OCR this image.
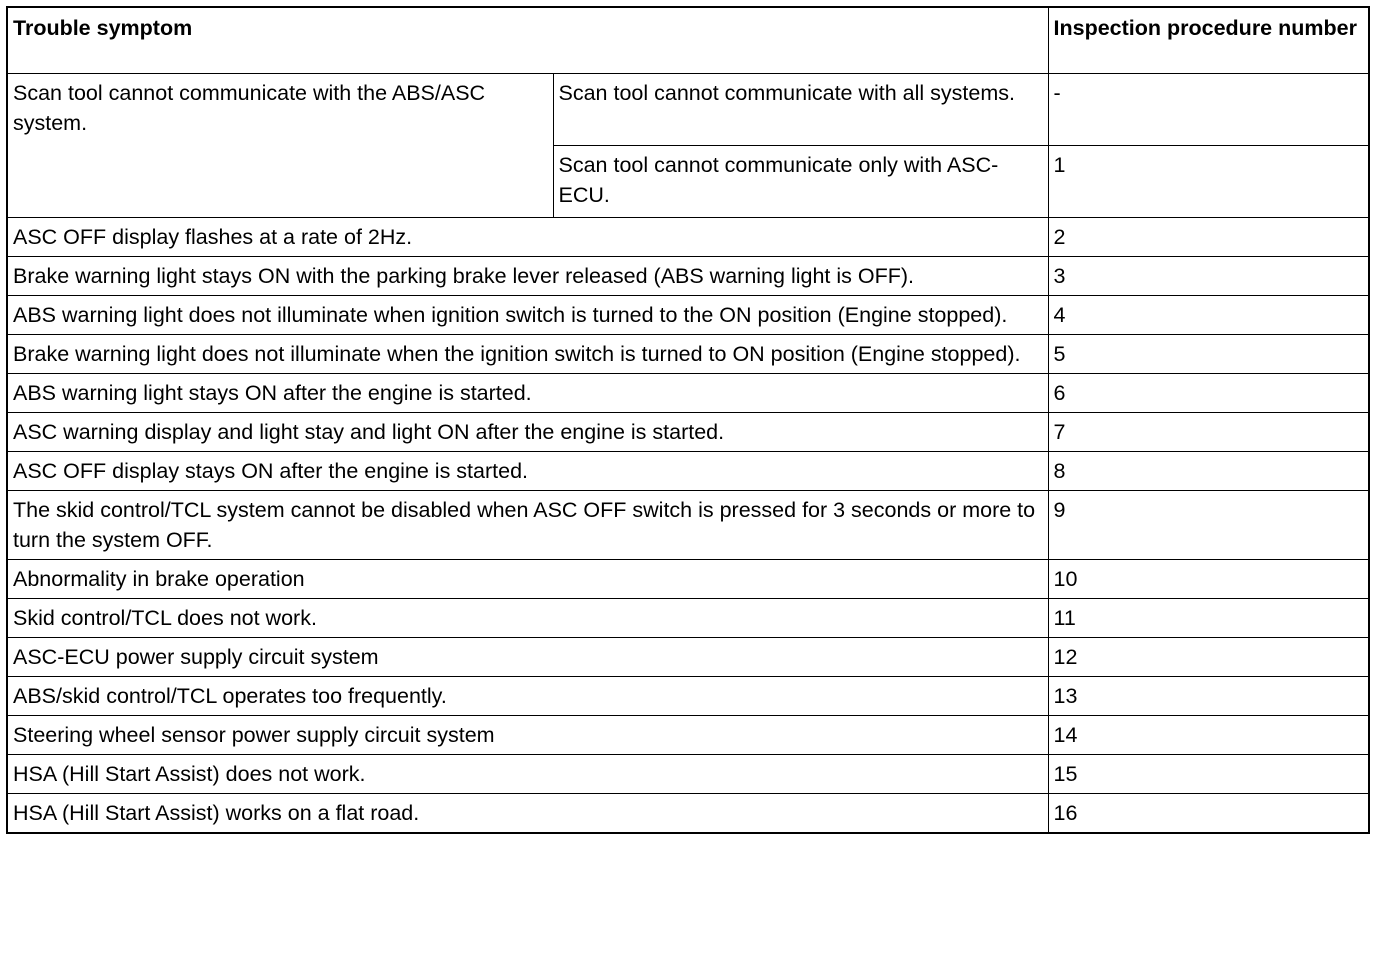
Trouble symptom		Inspection procedure number
Scan tool cannot communicate with the ABS/ASC system.	Scan tool cannot communicate with all systems.	-
	Scan tool cannot communicate only with ASC-ECU.	1
ASC OFF display flashes at a rate of 2Hz.		2
Brake warning light stays ON with the parking brake lever released (ABS warning light is OFF).		3
ABS warning light does not illuminate when ignition switch is turned to the ON position (Engine stopped).		4
Brake warning light does not illuminate when the ignition switch is turned to ON position (Engine stopped).		5
ABS warning light stays ON after the engine is started.		6
ASC warning display and light stay and light ON after the engine is started.		7
ASC OFF display stays ON after the engine is started.		8
The skid control/TCL system cannot be disabled when ASC OFF switch is pressed for 3 seconds or more to turn the system OFF.		9
Abnormality in brake operation		10
Skid control/TCL does not work.		11
ASC-ECU power supply circuit system		12
ABS/skid control/TCL operates too frequently.		13
Steering wheel sensor power supply circuit system		14
HSA (Hill Start Assist) does not work.		15
HSA (Hill Start Assist) works on a flat road.		16
